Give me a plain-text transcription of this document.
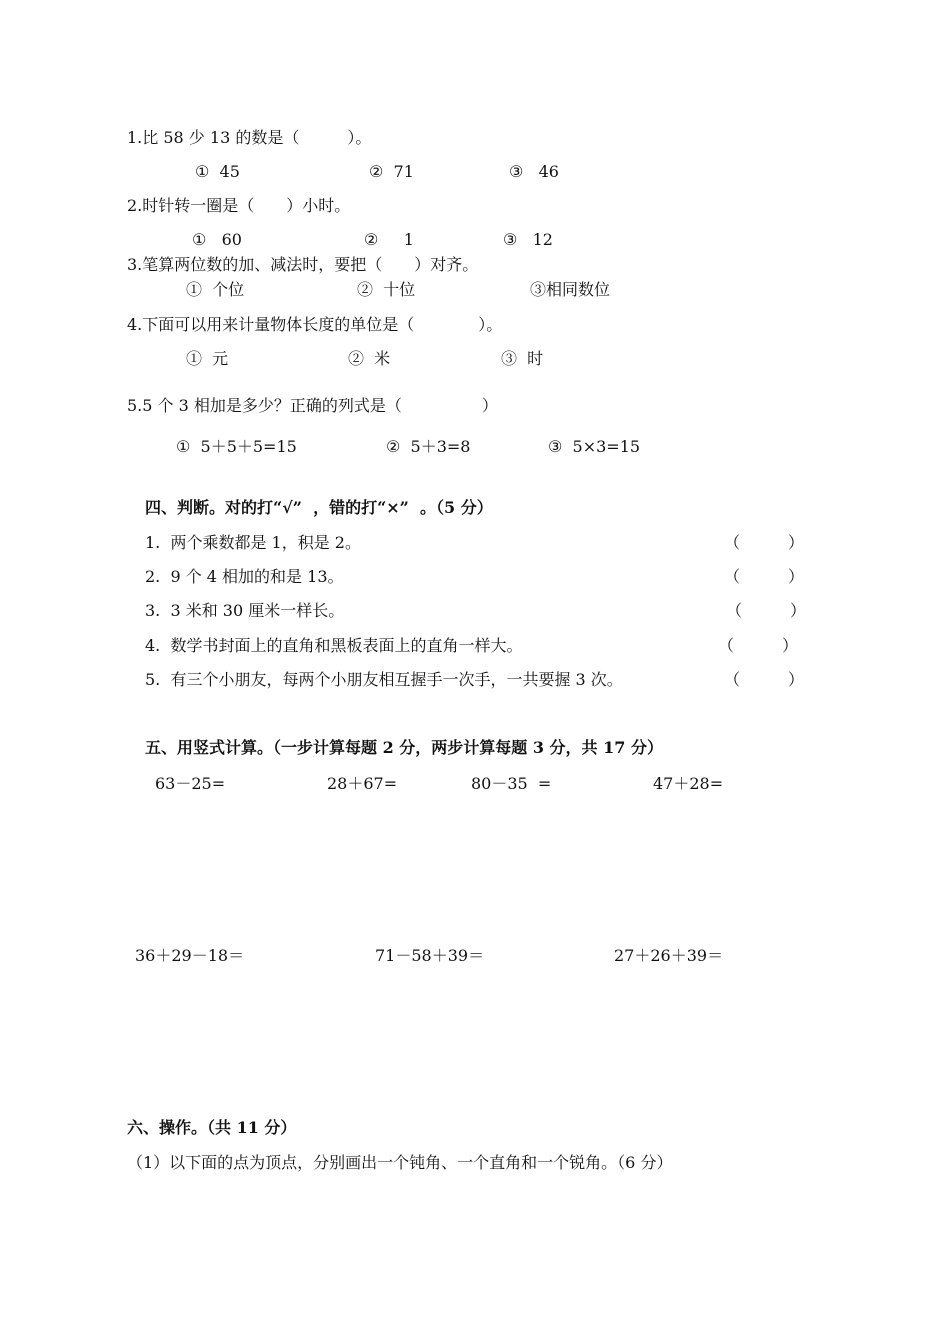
1.比 58 少 13 的数是（　　　）。
①  45	②  71	③   46
2.时针转一圈是（　　）小时。
①   60	②     1	③   12
3.笔算两位数的加、减法时，要把（　　）对齐。
①  个位	②  十位	③相同数位
4.下面可以用来计量物体长度的单位是（　　　　）。
①  元	②  米	③  时
5.5 个 3 相加是多少？正确的列式是（　　　　　）
①  5＋5＋5=15	②  5＋3=8	③  5×3=15
四、判断。对的打“√”  ，错的打“×”  。（5 分）
1.  两个乘数都是 1，积是 2。	（　　　）
2.  9 个 4 相加的和是 13。	（　　　）
3.  3 米和 30 厘米一样长。	（　　　）
4.  数学书封面上的直角和黑板表面上的直角一样大。	（　　　）
5.  有三个小朋友，每两个小朋友相互握手一次手，一共要握 3 次。	（　　　）
五、用竖式计算。（一步计算每题 2 分，两步计算每题 3 分，共 17 分）
63－25=	28＋67=	80－35  =	47＋28=
36＋29－18＝	71－58＋39＝	27＋26＋39＝
六、操作。（共 11 分）
（1）以下面的点为顶点，分别画出一个钝角、一个直角和一个锐角。（6 分）
